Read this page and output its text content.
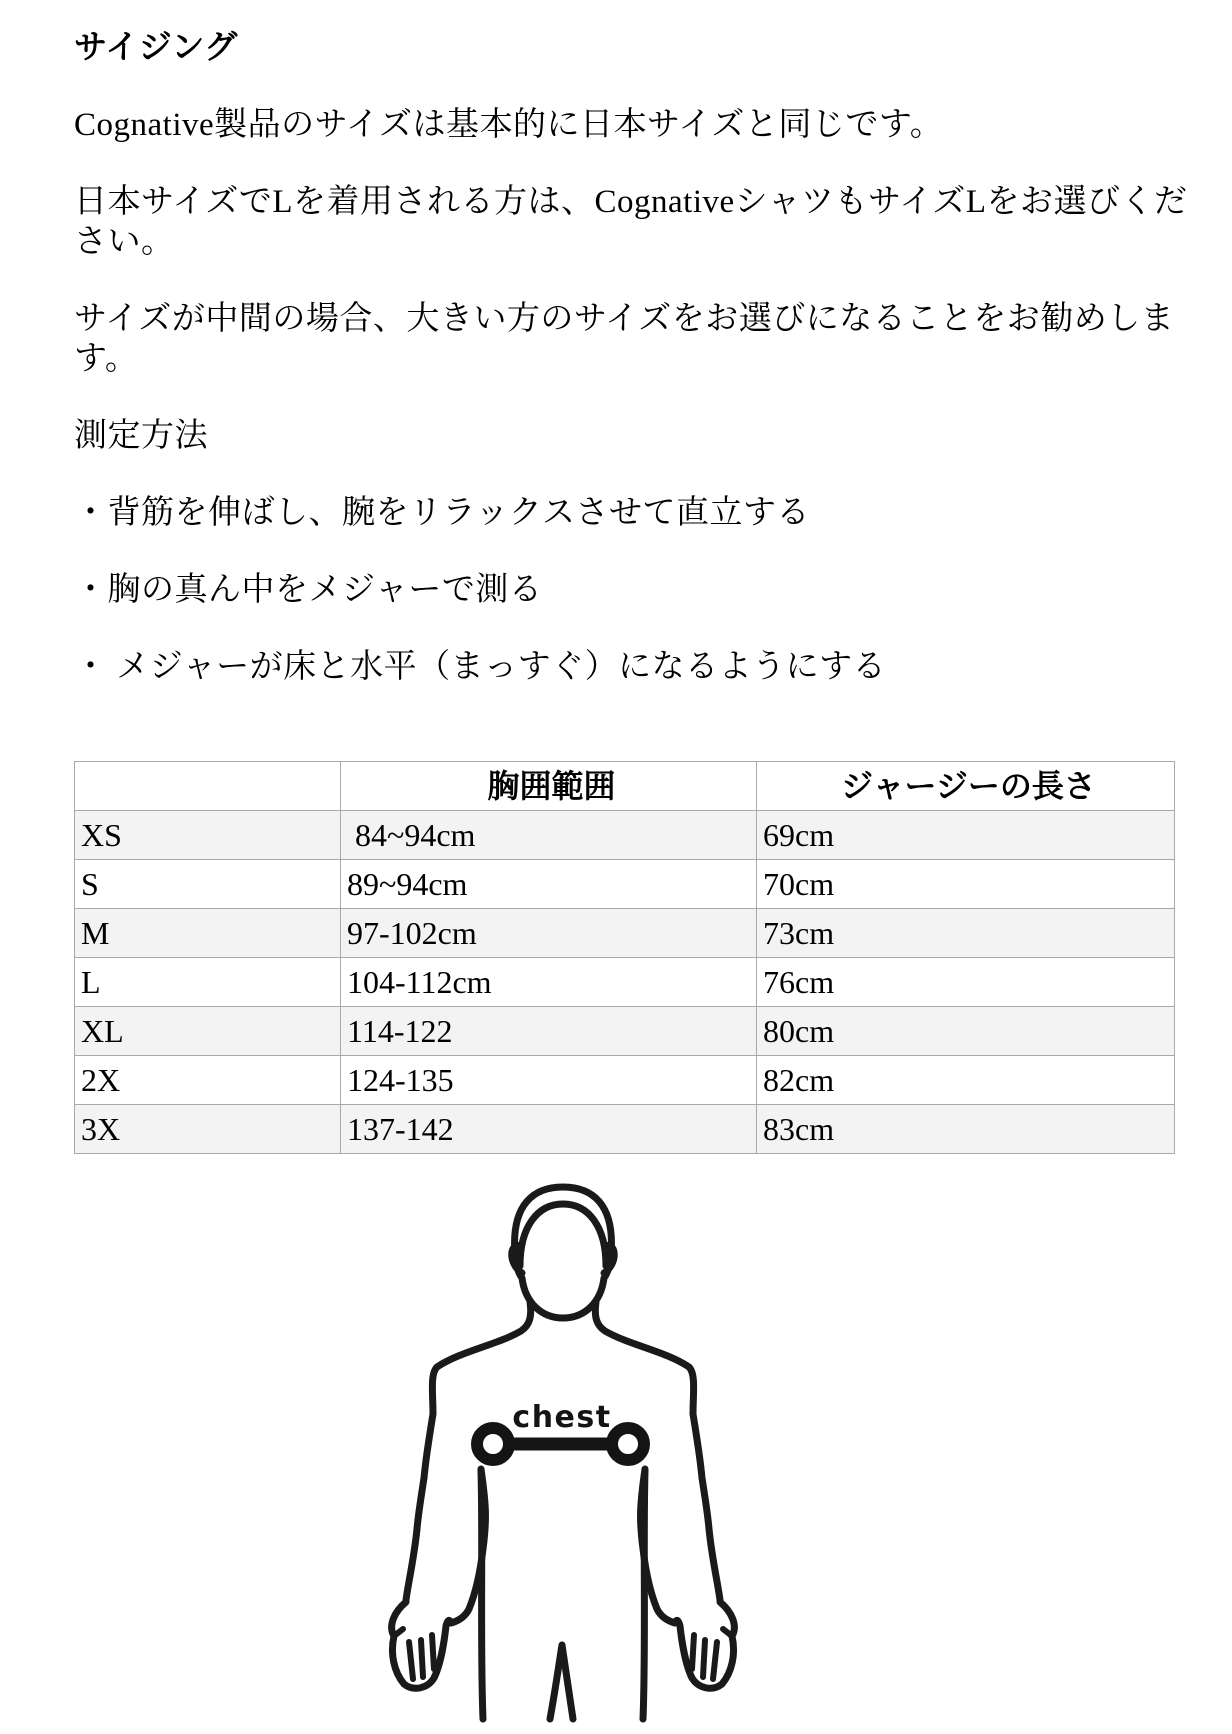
サイジング

Cognative製品のサイズは基本的に日本サイズと同じです。

日本サイズでLを着用される方は、CognativeシャツもサイズLをお選びください。

サイズが中間の場合、大きい方のサイズをお選びになることをお勧めします。

測定方法

・背筋を伸ばし、腕をリラックスさせて直立する

・胸の真ん中をメジャーで測る

・ メジャーが床と水平（まっすぐ）になるようにする

	胸囲範囲	ジャージーの長さ
XS	84~94cm	69cm
S	89~94cm	70cm
M	97-102cm	73cm
L	104-112cm	76cm
XL	114-122	80cm
2X	124-135	82cm
3X	137-142	83cm
chest
